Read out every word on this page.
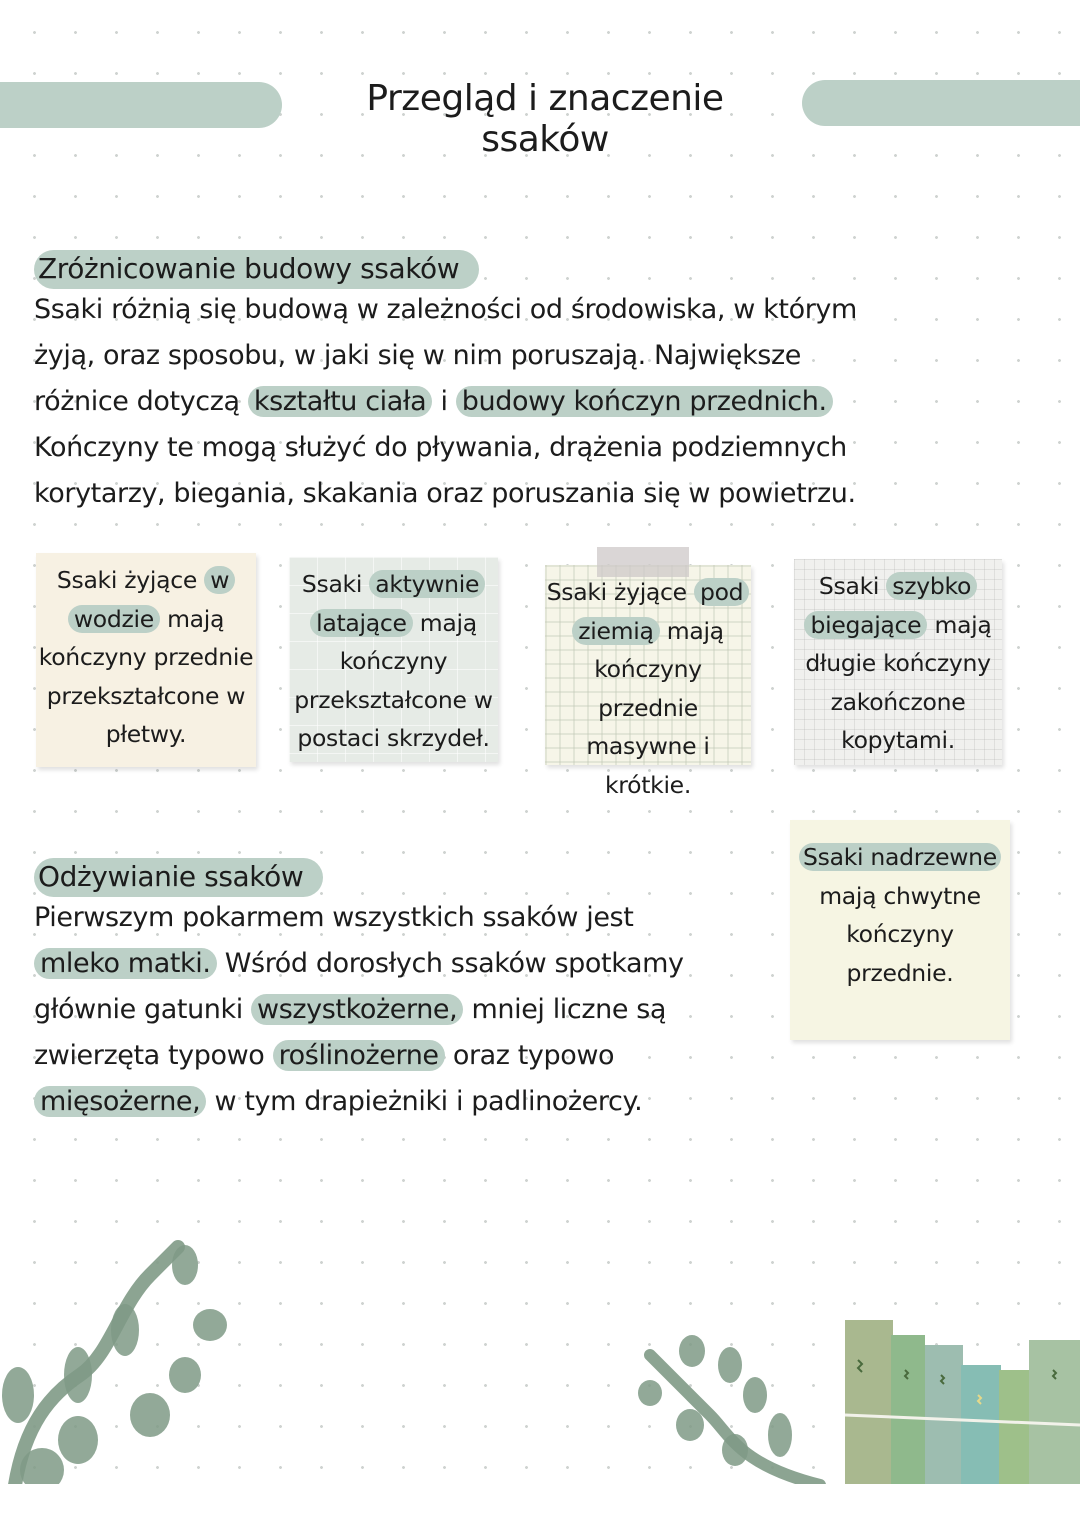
Przegląd i znaczenie ssaków
Zróżnicowanie budowy ssaków
Ssaki różnią się budową w zależności od środowiska, w którym
żyją, oraz sposobu, w jaki się w nim poruszają. Największe
różnice dotyczą kształtu ciała i budowy kończyn przednich.
Kończyny te mogą służyć do pływania, drążenia podziemnych
korytarzy, biegania, skakania oraz poruszania się w powietrzu.
Ssaki żyjące w
wodzie mają
kończyny przednie
przekształcone w
płetwy.
Ssaki aktywnie
latające mają
kończyny
przekształcone w
postaci skrzydeł.
Ssaki żyjące pod
ziemią mają
kończyny przednie
masywne i
krótkie.
Ssaki szybko
biegające mają
długie kończyny
zakończone
kopytami.
Ssaki nadrzewne
mają chwytne
kończyny
przednie.
Odżywianie ssaków
Pierwszym pokarmem wszystkich ssaków jest
mleko matki. Wśród dorosłych ssaków spotkamy
głównie gatunki wszystkożerne, mniej liczne są
zwierzęta typowo roślinożerne oraz typowo
mięsożerne, w tym drapieżniki i padlinożercy.
